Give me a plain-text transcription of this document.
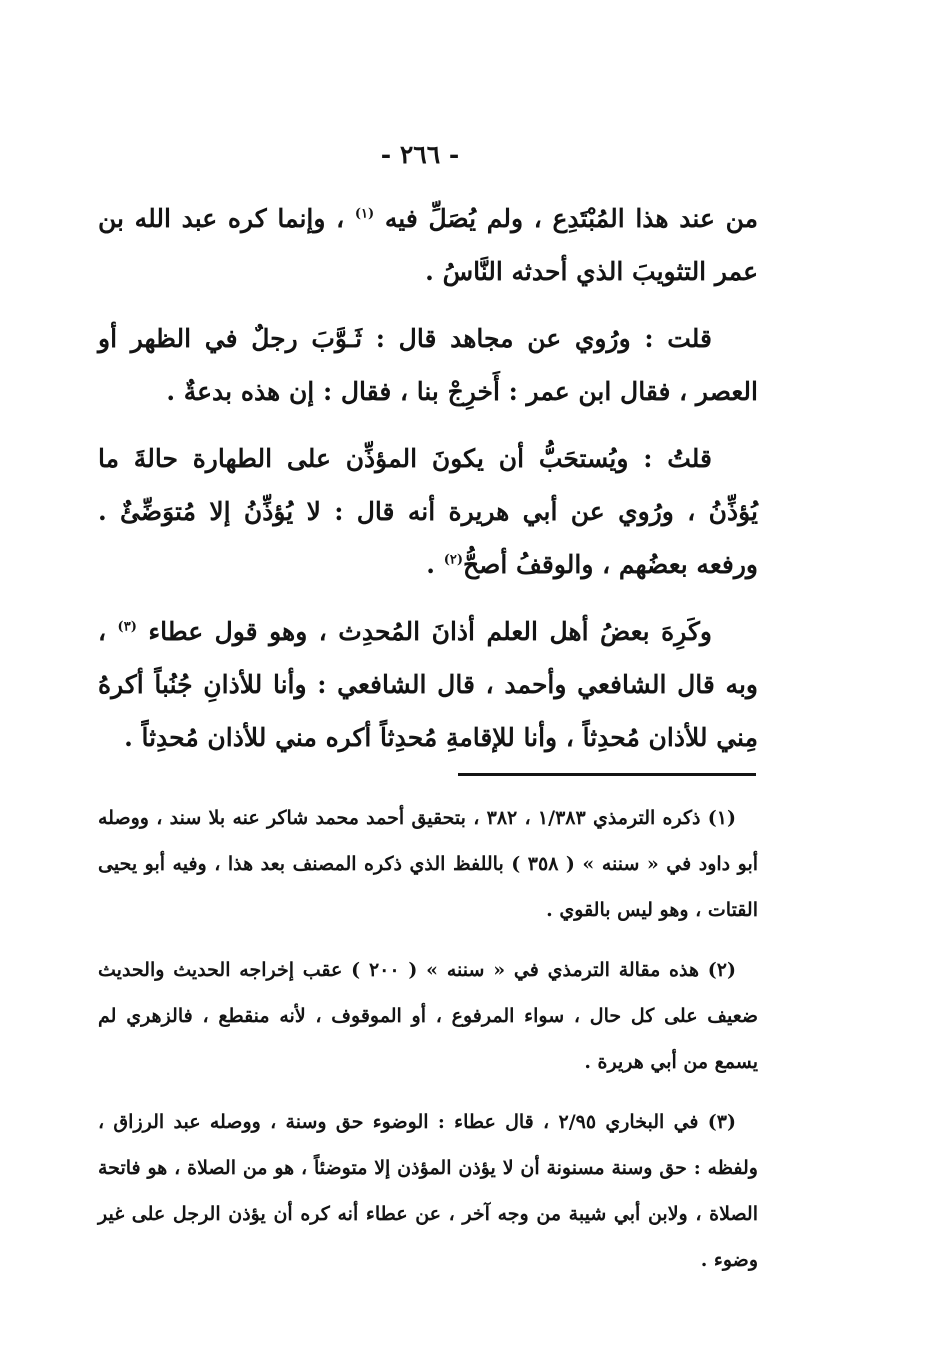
- ٢٦٦ -

من عند هذا المُبْتَدِع ، ولم يُصَلِّ فيه $^{(١)}$ ، وإنما كره عبد الله بن عمر التثويبَ الذي أحدثه النَّاسُ .

قلت : ورُوي عن مجاهد قال : ثَـوَّبَ رجلٌ في الظهر أو العصر ، فقال ابن عمر : أَخرِجْ بنا ، فقال : إن هذه بدعةٌ .

قلتُ : ويُستحَبُّ أن يكونَ المؤذِّن على الطهارة حالةَ ما يُؤذِّنُ ، ورُوي عن أبي هريرة أنه قال : لا يُؤذِّنُ إلا مُتوَضِّئٌ . ورفعه بعضُهم ، والوقفُ أصحُّ$^{(٢)}$ .

وكَرِهَ بعضُ أهل العلم أذانَ المُحدِث ، وهو قول عطاء $^{(٣)}$ ، وبه قال الشافعي وأحمد ، قال الشافعي : وأنا للأذانِ جُنُباً أكرهُ مِني للأذان مُحدِثاً ، وأنا للإقامةِ مُحدِثاً أكره مني للأذان مُحدِثاً .

(١) ذكره الترمذي ١/٣٨٣ ، ٣٨٢ ، بتحقيق أحمد محمد شاكر عنه بلا سند ، ووصله أبو داود في « سننه » ( ٣٥٨ ) باللفظ الذي ذكره المصنف بعد هذا ، وفيه أبو يحيى القتات ، وهو ليس بالقوي .

(٢) هذه مقالة الترمذي في « سننه » ( ٢٠٠ ) عقب إخراجه الحديث والحديث ضعيف على كل حال ، سواء المرفوع ، أو الموقوف ، لأنه منقطع ، فالزهري لم يسمع من أبي هريرة .

(٣) في البخاري ٢/٩٥ ، قال عطاء : الوضوء حق وسنة ، ووصله عبد الرزاق ، ولفظه : حق وسنة مسنونة أن لا يؤذن المؤذن إلا متوضئاً ، هو من الصلاة ، هو فاتحة الصلاة ، ولابن أبي شيبة من وجه آخر ، عن عطاء أنه كره أن يؤذن الرجل على غير وضوء .
